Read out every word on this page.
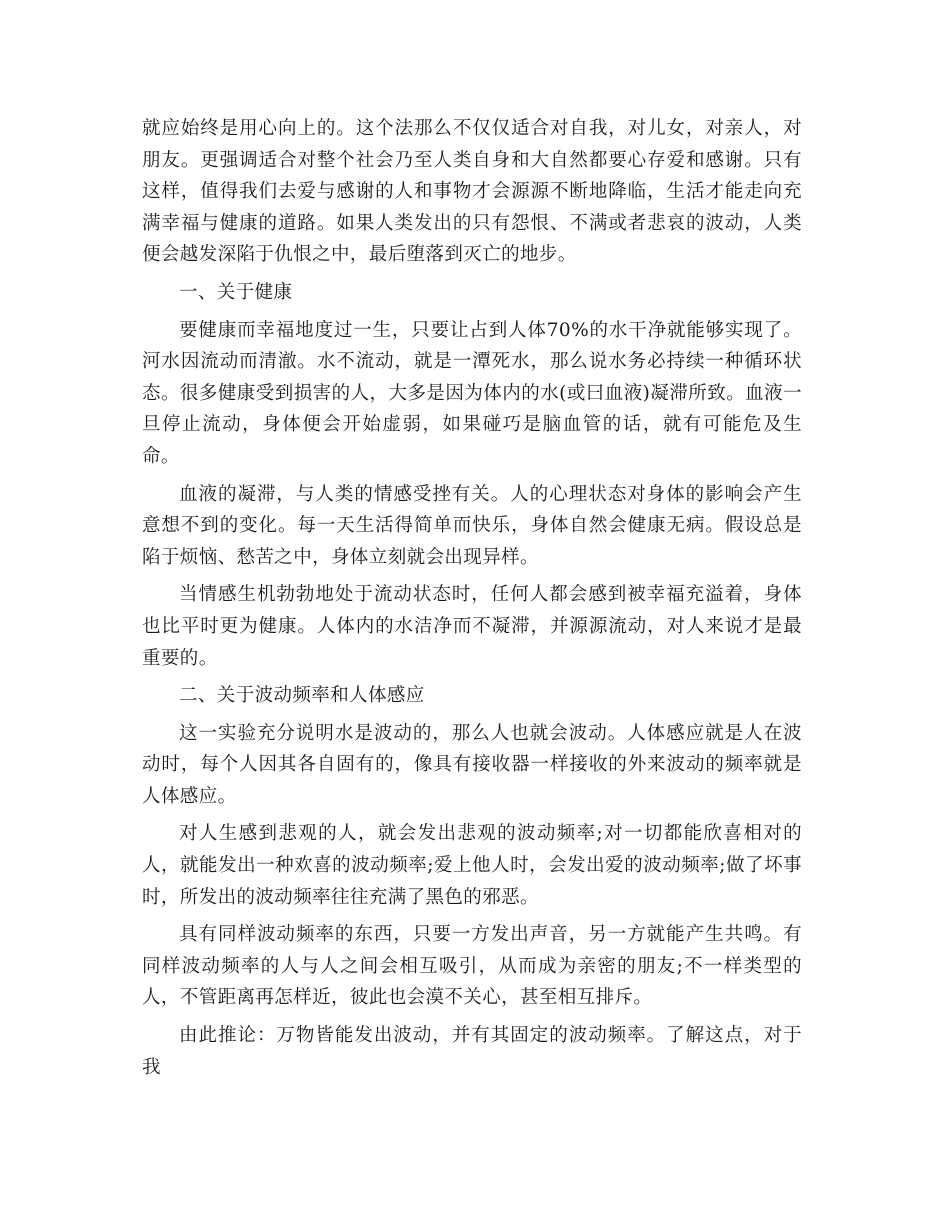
就应始终是用心向上的。这个法那么不仅仅适合对自我，对儿女，对亲人，对朋友。更强调适合对整个社会乃至人类自身和大自然都要心存爱和感谢。只有这样，值得我们去爱与感谢的人和事物才会源源不断地降临，生活才能走向充满幸福与健康的道路。如果人类发出的只有怨恨、不满或者悲哀的波动，人类便会越发深陷于仇恨之中，最后堕落到灭亡的地步。

一、关于健康

要健康而幸福地度过一生，只要让占到人体70%的水干净就能够实现了。河水因流动而清澈。水不流动，就是一潭死水，那么说水务必持续一种循环状态。很多健康受到损害的人，大多是因为体内的水(或曰血液)凝滞所致。血液一旦停止流动，身体便会开始虚弱，如果碰巧是脑血管的话，就有可能危及生命。

血液的凝滞，与人类的情感受挫有关。人的心理状态对身体的影响会产生意想不到的变化。每一天生活得简单而快乐，身体自然会健康无病。假设总是陷于烦恼、愁苦之中，身体立刻就会出现异样。

当情感生机勃勃地处于流动状态时，任何人都会感到被幸福充溢着，身体也比平时更为健康。人体内的水洁净而不凝滞，并源源流动，对人来说才是最重要的。

二、关于波动频率和人体感应

这一实验充分说明水是波动的，那么人也就会波动。人体感应就是人在波动时，每个人因其各自固有的，像具有接收器一样接收的外来波动的频率就是人体感应。

对人生感到悲观的人，就会发出悲观的波动频率;对一切都能欣喜相对的人，就能发出一种欢喜的波动频率;爱上他人时，会发出爱的波动频率;做了坏事时，所发出的波动频率往往充满了黑色的邪恶。

具有同样波动频率的东西，只要一方发出声音，另一方就能产生共鸣。有同样波动频率的人与人之间会相互吸引，从而成为亲密的朋友;不一样类型的人，不管距离再怎样近，彼此也会漠不关心，甚至相互排斥。

由此推论：万物皆能发出波动，并有其固定的波动频率。了解这点，对于我
